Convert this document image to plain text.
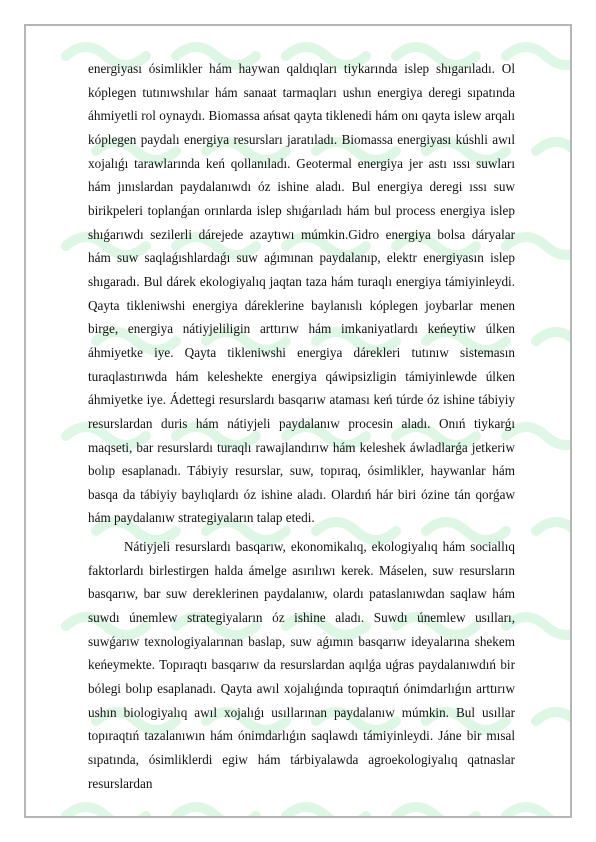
energiyası ósimlikler hám haywan qaldıqları tiykarında islep shıgarıladı. Ol kóplegen tutınıwshılar hám sanaat tarmaqları ushın energiya deregi sıpatında áhmiyetli rol oynaydı. Biomassa ańsat qayta tiklenedi hám onı qayta islew arqalı kóplegen paydalı energiya resursları jaratıladı. Biomassa energiyası kúshli awıl xojalıǵı tarawlarında keń qollanıladı. Geotermal energiya jer astı ıssı suwları hám jınıslardan paydalanıwdı óz ishine aladı. Bul energiya deregi ıssı suw birikpeleri toplanǵan orınlarda islep shıǵarıladı hám bul process energiya islep shıǵarıwdı sezilerli dárejede azaytıwı múmkin.Gidro energiya bolsa dáryalar hám suw saqlaǵıshlardaǵı suw aǵımınan paydalanıp, elektr energiyasın islep shıgaradı. Bul dárek ekologiyalıq jaqtan taza hám turaqlı energiya támiyinleydi. Qayta tikleniwshi energiya dáreklerine baylanıslı kóplegen joybarlar menen birge, energiya nátiyjeliligin arttırıw hám imkaniyatlardı keńeytiw úlken áhmiyetke iye. Qayta tikleniwshi energiya dárekleri tutınıw sistemasın turaqlastırıwda hám keleshekte energiya qáwipsizligin támiyinlewde úlken áhmiyetke iye. Ádettegi resurslardı basqarıw ataması keń túrde óz ishine tábiyiy resurslardan duris hám nátiyjeli paydalanıw procesin aladı. Onıń tiykarǵı maqseti, bar resurslardı turaqlı rawajlandırıw hám keleshek áwladlarǵa jetkeriw bolıp esaplanadı. Tábiyiy resurslar, suw, topıraq, ósimlikler, haywanlar hám basqa da tábiyiy baylıqlardı óz ishine aladı. Olardıń hár biri ózine tán qorǵaw hám paydalanıw strategiyaların talap etedi.

Nátiyjeli resurslardı basqarıw, ekonomikalıq, ekologiyalıq hám sociallıq faktorlardı birlestirgen halda ámelge asırılıwı kerek. Máselen, suw resursların basqarıw, bar suw dereklerinen paydalanıw, olardı pataslanıwdan saqlaw hám suwdı únemlew strategiyaların óz ishine aladı. Suwdı únemlew usılları, suwǵarıw texnologiyalarınan baslap, suw aǵımın basqarıw ideyalarına shekem keńeymekte. Topıraqtı basqarıw da resurslardan aqılǵa uǵras paydalanıwdıń bir bólegi bolıp esaplanadı. Qayta awıl xojalıǵında topıraqtıń ónimdarlıǵın arttırıw ushın biologiyalıq awıl xojalıǵı usıllarınan paydalanıw múmkin. Bul usıllar topıraqtıń tazalanıwın hám ónimdarlıǵın saqlawdı támiyinleydi. Jáne bir mısal sıpatında, ósimliklerdi egiw hám tárbiyalawda agroekologiyalıq qatnaslar resurslardan
